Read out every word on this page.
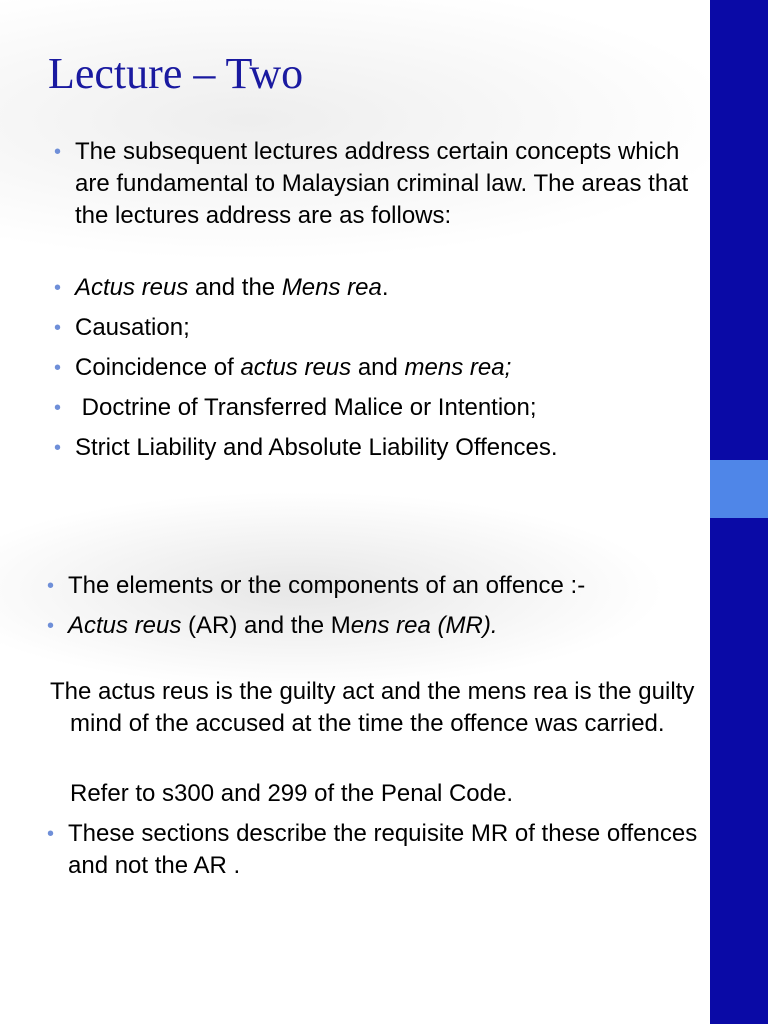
Lecture – Two
• The subsequent lectures address certain concepts which are fundamental to Malaysian criminal law. The areas that the lectures address are as follows:
• Actus reus and the Mens rea.
• Causation;
• Coincidence of actus reus and mens rea;
•  Doctrine of Transferred Malice or Intention;
• Strict Liability and Absolute Liability Offences.
• The elements or the components of an offence :-
• Actus reus (AR) and the Mens rea (MR).
The actus reus is the guilty act and the mens rea is the guilty mind of the accused at the time the offence was carried.
Refer to s300 and 299 of the Penal Code.
• These sections describe the requisite MR of these offences and not the AR .
